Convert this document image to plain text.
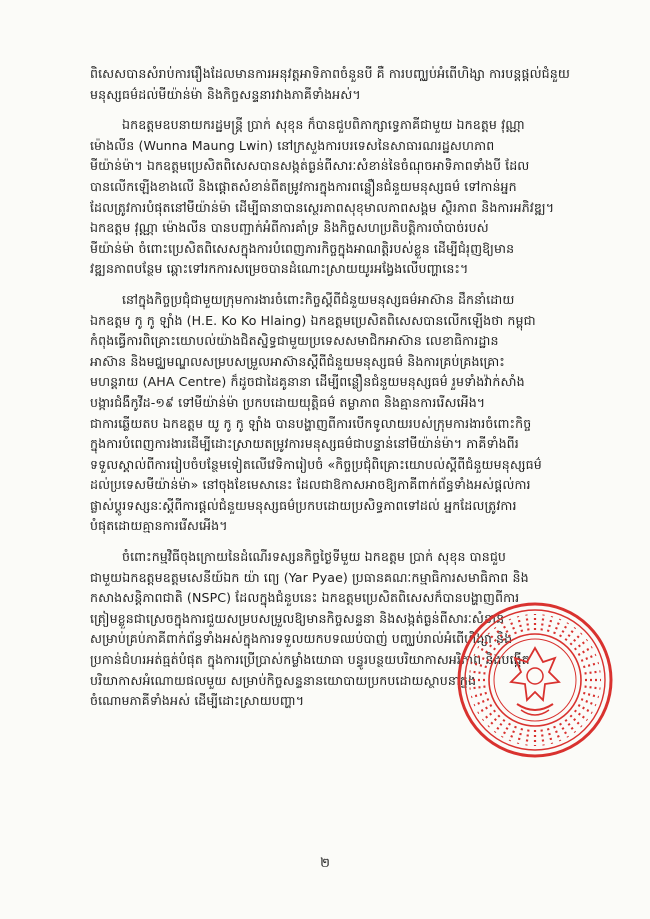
ពិសេសបានសំរាប់ការរឿងដែលមានការអនុវត្តអាទិភាពចំនួនបី គឺ ការបញ្ឈប់អំពើហិង្សា ការបន្តផ្តល់ជំនួយ
មនុស្សធម៌ដល់មីយ៉ាន់ម៉ា និងកិច្ចសន្ទនារវាងភាគីទាំងអស់។

ឯកឧត្តមឧបនាយករដ្ឋមន្ត្រី ប្រាក់ សុខុន ក៏បានជួបពិភាក្សាទ្វេភាគីជាមួយ ឯកឧត្តម វុណ្ណា
ម៉ោងលីន (Wunna Maung Lwin) នៅក្រសួងការបរទេសនៃសាធារណរដ្ឋសហភាព
មីយ៉ាន់ម៉ា។ ឯកឧត្តមប្រេសិតពិសេសបានសង្កត់ធ្ងន់ពីសារៈសំខាន់នៃចំណុចអាទិភាពទាំងបី ដែល
បានលើកឡើងខាងលើ និងផ្តោតសំខាន់ពីតម្រូវការក្នុងការពន្លឿនជំនួយមនុស្សធម៌ ទៅកាន់អ្នក
ដែលត្រូវការបំផុតនៅមីយ៉ាន់ម៉ា ដើម្បីធានាបានស្ថេរភាពសុខុមាលភាពសង្គម ស្ថិរភាព និងការអភិវឌ្ឍ។
ឯកឧត្តម វុណ្ណា ម៉ោងលីន បានបញ្ជាក់អំពីការគាំទ្រ និងកិច្ចសហប្រតិបត្តិការចាំបាច់របស់
មីយ៉ាន់ម៉ា ចំពោះប្រេសិតពិសេសក្នុងការបំពេញភារកិច្ចក្នុងអាណត្តិរបស់ខ្លួន ដើម្បីជំរុញឱ្យមាន
វឌ្ឍនភាពបន្ថែម ឆ្ពោះទៅរកការសម្រេចបានដំណោះស្រាយយូរអង្វែងលើបញ្ហានេះ។

នៅក្នុងកិច្ចប្រជុំជាមួយក្រុមការងារចំពោះកិច្ចស្តីពីជំនួយមនុស្សធម៌អាស៊ាន ដឹកនាំដោយ
ឯកឧត្តម កូ កូ ឡាំង (H.E. Ko Ko Hlaing) ឯកឧត្តមប្រេសិតពិសេសបានលើកឡើងថា កម្ពុជា
កំពុងធ្វើការពិគ្រោះយោបល់យ៉ាងជិតស្និទ្ធជាមួយប្រទេសសមាជិកអាស៊ាន លេខាធិការដ្ឋាន
អាស៊ាន និងមជ្ឈមណ្ឌលសម្របសម្រួលអាស៊ានស្តីពីជំនួយមនុស្សធម៌ និងការគ្រប់គ្រងគ្រោះ
មហន្តរាយ (AHA Centre) ក៏ដូចជាដៃគូនានា ដើម្បីពន្លឿនជំនួយមនុស្សធម៌ រួមទាំងវ៉ាក់សាំង
បង្ការជំងឺកូវីដ-១៩ ទៅមីយ៉ាន់ម៉ា ប្រកបដោយយុត្តិធម៌ តម្លាភាព និងគ្មានការរើសអើង។
ជាការឆ្លើយតប ឯកឧត្តម យូ កូ កូ ឡាំង បានបង្ហាញពីការបើកទូលាយរបស់ក្រុមការងារចំពោះកិច្ច
ក្នុងការបំពេញការងារដើម្បីដោះស្រាយតម្រូវការមនុស្សធម៌ជាបន្ទាន់នៅមីយ៉ាន់ម៉ា។ ភាគីទាំងពីរ
ទទួលស្គាល់ពីការរៀបចំបន្ថែមទៀតលើវេទិការៀបចំ «កិច្ចប្រជុំពិគ្រោះយោបល់ស្តីពីជំនួយមនុស្សធម៌
ដល់ប្រទេសមីយ៉ាន់ម៉ា» នៅចុងខែមេសានេះ ដែលជាឱកាសអាចឱ្យភាគីពាក់ព័ន្ធទាំងអស់ផ្តល់ការ
ផ្លាស់ប្តូរទស្សនៈស្តីពីការផ្តល់ជំនួយមនុស្សធម៌ប្រកបដោយប្រសិទ្ធភាពទៅដល់ អ្នកដែលត្រូវការ
បំផុតដោយគ្មានការរើសអើង។

ចំពោះកម្មវិធីចុងក្រោយនៃដំណើរទស្សនកិច្ចថ្ងៃទីមួយ ឯកឧត្តម ប្រាក់ សុខុន បានជួប
ជាមួយឯកឧត្តមឧត្តមសេនីយ៍ឯក យ៉ា ព្យេ (Yar Pyae) ប្រធានគណៈកម្មាធិការសមាធិភាព និង
កសាងសន្តិភាពជាតិ (NSPC) ដែលក្នុងជំនួបនេះ ឯកឧត្តមប្រេសិតពិសេសក៏បានបង្ហាញពីការ
ត្រៀមខ្លួនជាស្រេចក្នុងការជួយសម្របសម្រួលឱ្យមានកិច្ចសន្ទនា និងសង្កត់ធ្ងន់ពីសារៈសំខាន់
សម្រាប់គ្រប់ភាគីពាក់ព័ន្ធទាំងអស់ក្នុងការទទួលយកបទឈប់បាញ់ បញ្ឈប់រាល់អំពើហិង្សា និង
ប្រកាន់ជំហរអត់ធ្មត់បំផុត ក្នុងការប្រើប្រាស់កម្លាំងយោធា បន្ធូរបន្ថយបរិយាកាសអរិភាព និងបង្កើត
បរិយាកាសអំណោយផលមួយ សម្រាប់កិច្ចសន្ទនានយោបាយប្រកបដោយស្ថាបនាក្នុង
ចំណោមភាគីទាំងអស់ ដើម្បីដោះស្រាយបញ្ហា។

២
